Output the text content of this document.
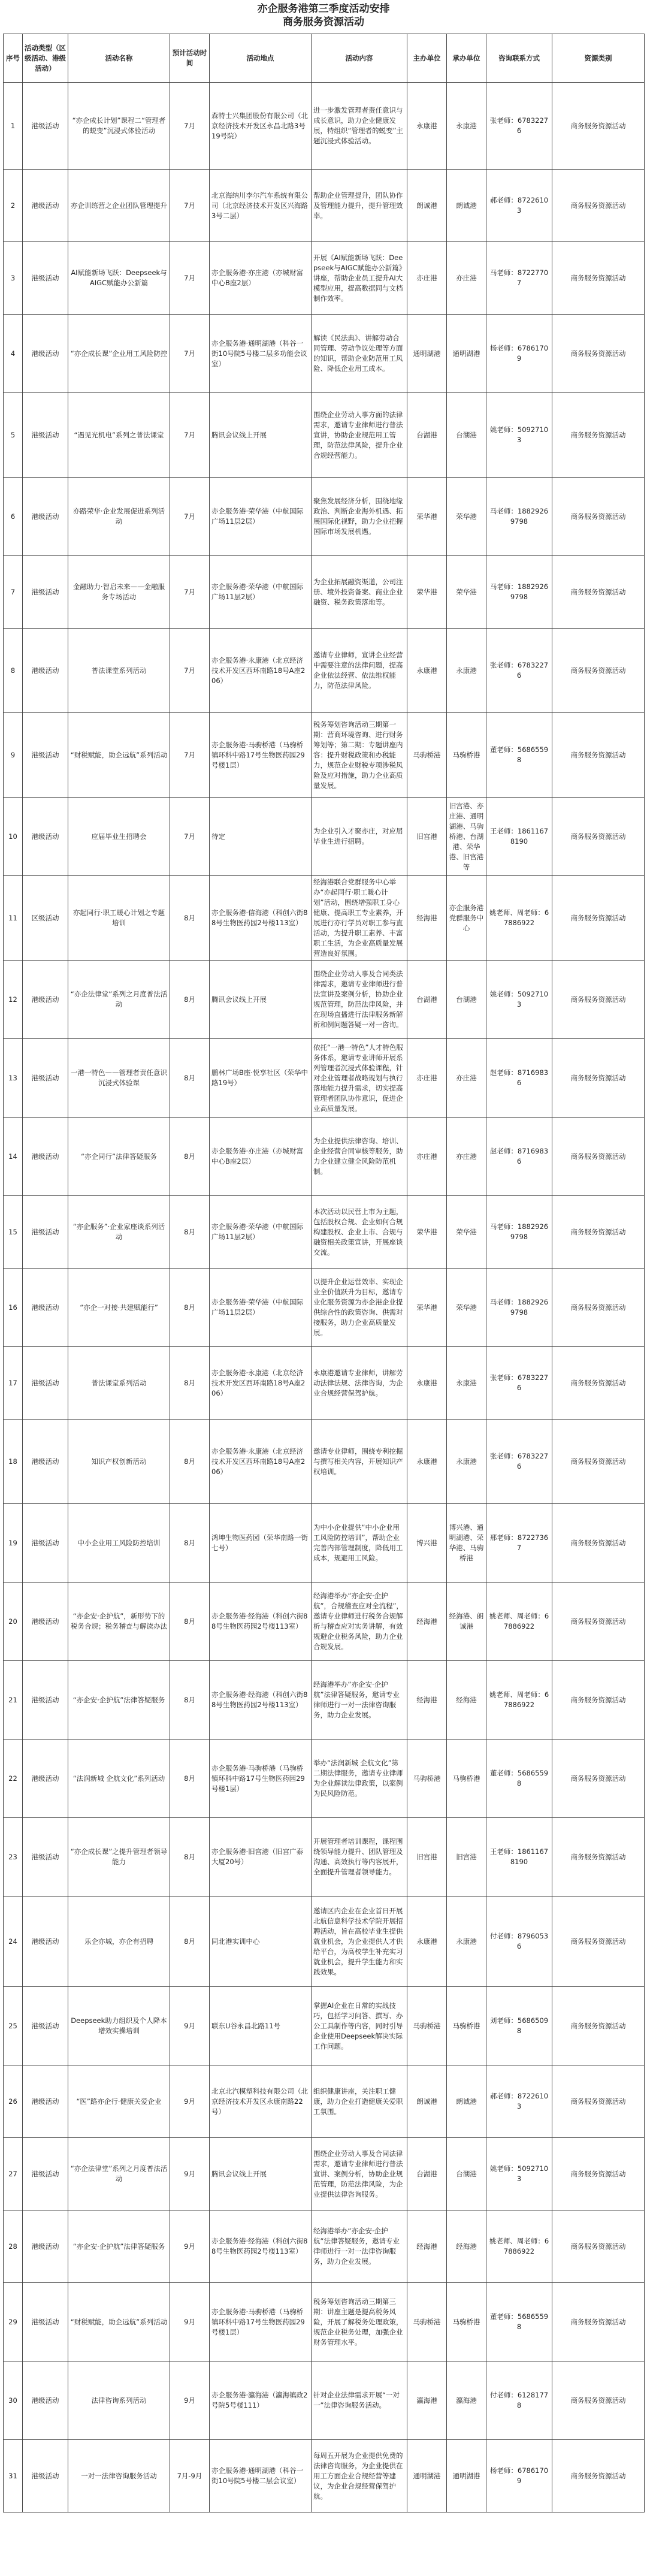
亦企服务港第三季度活动安排
商务服务资源活动
序号	活动类型（区级活动、港级活动）	活动名称	预计活动时间	活动地点	活动内容	主办单位	承办单位	咨询联系方式	资源类别
1	港级活动	“亦企成长计划”课程二“管理者的蜕变”沉浸式体验活动	7月	森特士兴集团股份有限公司（北京经济技术开发区永昌北路3号19号院）	进一步激发管理者责任意识与成长意识，助力企业健康发展，特组织“管理者的蜕变”主题沉浸式体验活动。	永康港	永康港	张老师：67832276	商务服务资源活动
2	港级活动	亦企训练营之企业团队管理提升	7月	北京海纳川李尔汽车系统有限公司（北京经济技术开发区兴海路3号二层）	帮助企业管理提升，团队协作及管理能力提升，提升管理效率。	朗诚港	朗诚港	郝老师：87226103	商务服务资源活动
3	港级活动	AI赋能新场飞跃：Deepseek与AIGC赋能办公新篇	7月	亦企服务港·亦庄港（亦城财富中心B座2层）	开展《AI赋能新场飞跃：Deepseek与AIGC赋能办公新篇》讲座，帮助企业员工提升AI大模型应用，提高数据同与文档制作效率。	亦庄港	亦庄港	马老师：87227707	商务服务资源活动
4	港级活动	“亦企成长课”企业用工风险防控	7月	亦企服务港·通明湖港（科谷一街10号院5号楼二层多功能会议室）	解读《民法典》、讲解劳动合同管理、劳动争议处理等方面的知识，帮助企业防范用工风险、降低企业用工成本。	通明湖港	通明湖港	杨老师：67861709	商务服务资源活动
5	港级活动	“遇见光机电”系列之普法课堂	7月	腾讯会议线上开展	围绕企业劳动人事方面的法律需求，邀请专业律师进行普法宣讲，协助企业规范用工管理，防范法律风险，提升企业合规经营能力。	台湖港	台湖港	姚老师：50927103	商务服务资源活动
6	港级活动	亦路荣华·企业发展促进系列活动	7月	亦企服务港·荣华港（中航国际广场11层2层）	聚焦发展经济分析，围绕地缘政治、判断企业海外机遇、拓展国际化视野，助力企业把握国际市场发展机遇。	荣华港	荣华港	马老师：18829269798	商务服务资源活动
7	港级活动	金融助力·智启未来——金融服务专场活动	7月	亦企服务港·荣华港（中航国际广场11层2层）	为企业拓展融资渠道，公司注册、境外投资备案、商业企业融资、税务政策落地等。	荣华港	荣华港	马老师：18829269798	商务服务资源活动
8	港级活动	普法课堂系列活动	7月	亦企服务港·永康港（北京经济技术开发区西环南路18号A座206）	邀请专业律师，宣讲企业经营中需要注意的法律问题，提高企业依法经营、依法维权能力，防范法律风险。	永康港	永康港	张老师：67832276	商务服务资源活动
9	港级活动	“财税赋能，助企远航”系列活动	7月	亦企服务港·马驹桥港（马驹桥镇环科中路17号生物医药园29号楼1层）	税务筹划咨询活动三期第一期：营商环境咨询、进行财务筹划等；第二期：专题讲座内容：提升财税政策和办税能力，规范企业财税专项涉税风险及应对措施，助力企业高质量发展。	马驹桥港	马驹桥港	董老师：56865598	商务服务资源活动
10	港级活动	应届毕业生招聘会	7月	待定	为企业引入才聚亦庄，对应届毕业生进行招聘。	旧宫港	旧宫港、亦庄港、通明湖港、马驹桥港、台湖港、荣华港、旧宫港等	王老师：18611678190	商务服务资源活动
11	区级活动	亦起同行·职工暖心计划之专题培训	8月	亦企服务港·信海港（科创六街88号生物医药园2号楼113室）	经海港联合党群服务中心举办“亦起同行·职工暖心计划”活动，围绕增强职工身心健康、提高职工专业素养，开展进行亦行学员对职工参与直活动，为提升职工素养、丰富职工生活，为企业高质量发展营造良好氛围。	经海港	亦企服务港党群服务中心	姚老师、周老师：67886922	商务服务资源活动
12	港级活动	“亦企法律堂”系列之月度普法活动	8月	腾讯会议线上开展	围绕企业劳动人事及合同类法律需求，邀请专业律师进行普法宣讲及案例分析，协助企业规范管理，防范法律风险，并在现场直播进行法律服务新解析和例问题答疑一对一咨询。	台湖港	台湖港	姚老师：50927103	商务服务资源活动
13	港级活动	一港一特色——管理者责任意识沉浸式体验课	8月	鹏林广场B座·悦享社区（荣华中路19号）	依托“一港一特色”人才特色服务体系，邀请专业讲师开展系列管理者沉浸式体验课程，针对企业管理者战略规划与执行落地能力提升需求，切实提高管理者团队协作意识，促进企业高质量发展。	亦庄港	亦庄港	赵老师：87169836	商务服务资源活动
14	港级活动	“亦企同行”法律答疑服务	8月	亦企服务港·亦庄港（亦城财富中心B座2层）	为企业提供法律咨询、培训、企业经营合同审核等服务，助力企业建立健全风险防范机制。	亦庄港	亦庄港	赵老师：87169836	商务服务资源活动
15	港级活动	“亦企服务”·企业家座谈系列活动	8月	亦企服务港·荣华港（中航国际广场11层2层）	本次活动以民营上市为主题，包括股权合规、企业如何合规构建股权、企业上市、合规与融资相关政策宣讲，开展座谈交流。	荣华港	荣华港	马老师：18829269798	商务服务资源活动
16	港级活动	“亦企一对接·共建赋能行”	8月	亦企服务港·荣华港（中航国际广场11层2层）	以提升企业运营效率、实现企业全价值跃升为目标，邀请专业化服务资源为亦企港企业提供综合性的政策咨询、供需对接服务，助力企业高质量发展。	荣华港	荣华港	马老师：18829269798	商务服务资源活动
17	港级活动	普法课堂系列活动	8月	亦企服务港·永康港（北京经济技术开发区西环南路18号A座206）	永康港邀请专业律师，讲解劳动法律法规、法律咨询，为企业合规经营保驾护航。	永康港	永康港	张老师：67832276	商务服务资源活动
18	港级活动	知识产权创新活动	8月	亦企服务港·永康港（北京经济技术开发区西环南路18号A座206）	邀请专业律师，围绕专利挖掘与撰写相关内容，开展知识产权培训。	永康港	永康港	张老师：67832276	商务服务资源活动
19	港级活动	中小企业用工风险防控培训	8月	鸿坤生物医药园（荣华南路一街七号）	为中小企业提供“中小企业用工风险防控培训”，帮助企业完善内部管理制度，降低用工成本，规避用工风险。	博兴港	博兴港、通明湖港、荣华港、马驹桥港	邢老师：87227367	商务服务资源活动
20	港级活动	“亦企安·企护航”，新形势下的税务合规；税务稽查与解读办法	8月	亦企服务港·经海港（科创六街88号生物医药园2号楼113室）	经海港举办“亦企安·企护航”，合规稽查应对全流程”，邀请专业律师进行税务合规解析与稽查应对实务讲解，有效规避企业税务风险，助力企业合规发展。	经海港	经海港、朗诚港	姚老师、周老师：67886922	商务服务资源活动
21	港级活动	“亦企安·企护航”法律答疑服务	8月	亦企服务港·经海港（科创六街88号生物医药园2号楼113室）	经海港举办“亦企安·企护航”法律答疑服务，邀请专业律师进行一对一法律咨询服务，助力企业发展。	经海港	经海港	姚老师、周老师：67886922	商务服务资源活动
22	港级活动	“法润新城 企航文化”系列活动	8月	亦企服务港·马驹桥港（马驹桥镇环科中路17号生物医药园29号楼1层）	举办“法润新城 企航文化”第二期法律服务，邀请专业律师为企业解读法律政策，以案例为民风险防范。	马驹桥港	马驹桥港	董老师：56865598	商务服务资源活动
23	港级活动	“亦企成长课”之提升管理者领导能力	8月	亦企服务港·旧宫港（旧宫广泰大厦20号）	开展管理者培训课程，课程围绕领导能力提升、团队管理及沟通、高效执行等内容展开，全面提升管理者领导能力。	旧宫港	旧宫港	王老师：18611678190	商务服务资源活动
24	港级活动	乐企亦城，亦企有招聘	8月	同北港实训中心	邀请区内企业在企业首日开展北航信息科学技术学院开展招聘活动，旨在高校毕业生提供就业机会，为企业提供人才供给平台，为高校学生补充实习就业机会，提升学生能力和实践效果。	永康港	永康港	付老师：87960536	商务服务资源活动
25	港级活动	Deepseek助力组织及个人降本增效实操培训	9月	联东U谷永昌北路11号	掌握AI企业在日常的实战技巧，包括学习问答、撰写、办公工具制作等内容，同时引导企业使用Deepseek解决实际工作问题。	马驹桥港	马驹桥港	刘老师：56865098	商务服务资源活动
26	港级活动	“医”路亦企行·健康关爱企业	9月	北京北汽模塑科技有限公司（北京经济技术开发区永康南路22号）	组织健康讲座，关注职工健康，助力企业打造健康关爱职工氛围。	朗诚港	朗诚港	郝老师：87226103	商务服务资源活动
27	港级活动	“亦企法律堂”系列之月度普法活动	9月	腾讯会议线上开展	围绕企业劳动人事及合同法律需求，邀请专业律师进行普法宣讲、案例分析，协助企业规范管理，防范法律风险，为企业提供法律咨询服务。	台湖港	台湖港	姚老师：50927103	商务服务资源活动
28	港级活动	“亦企安·企护航”法律答疑服务	9月	亦企服务港·经海港（科创六街88号生物医药园2号楼113室）	经海港举办“亦企安·企护航”法律答疑服务，邀请专业律师进行一对一法律咨询服务，助力企业发展。	经海港	经海港	姚老师、周老师：67886922	商务服务资源活动
29	港级活动	“财税赋能，助企远航”系列活动	9月	亦企服务港·马驹桥港（马驹桥镇环科中路17号生物医药园29号楼1层）	税务筹划咨询活动三期第三期：讲座主题是提高税务风险，开展了解税务处理政策，规范企业税务处理，加强企业财务管理水平。	马驹桥港	马驹桥港	董老师：56865598	商务服务资源活动
30	港级活动	法律咨询系列活动	9月	亦企服务港·瀛海港（瀛海镇政2号院5号楼111）	针对企业法律需求开展“一对一”法律咨询服务活动。	瀛海港	瀛海港	付老师：61281778	商务服务资源活动
31	港级活动	一对一法律咨询服务活动	7月-9月	亦企服务港·通明湖港（科谷一街10号院5号楼二层会议室）	每周五开展为企业提供免费的法律咨询服务，为企业提供在用工方面企业合规经营等建议，为企业合规经营保驾护航。	通明湖港	通明湖港	杨老师：67861709	商务服务资源活动
